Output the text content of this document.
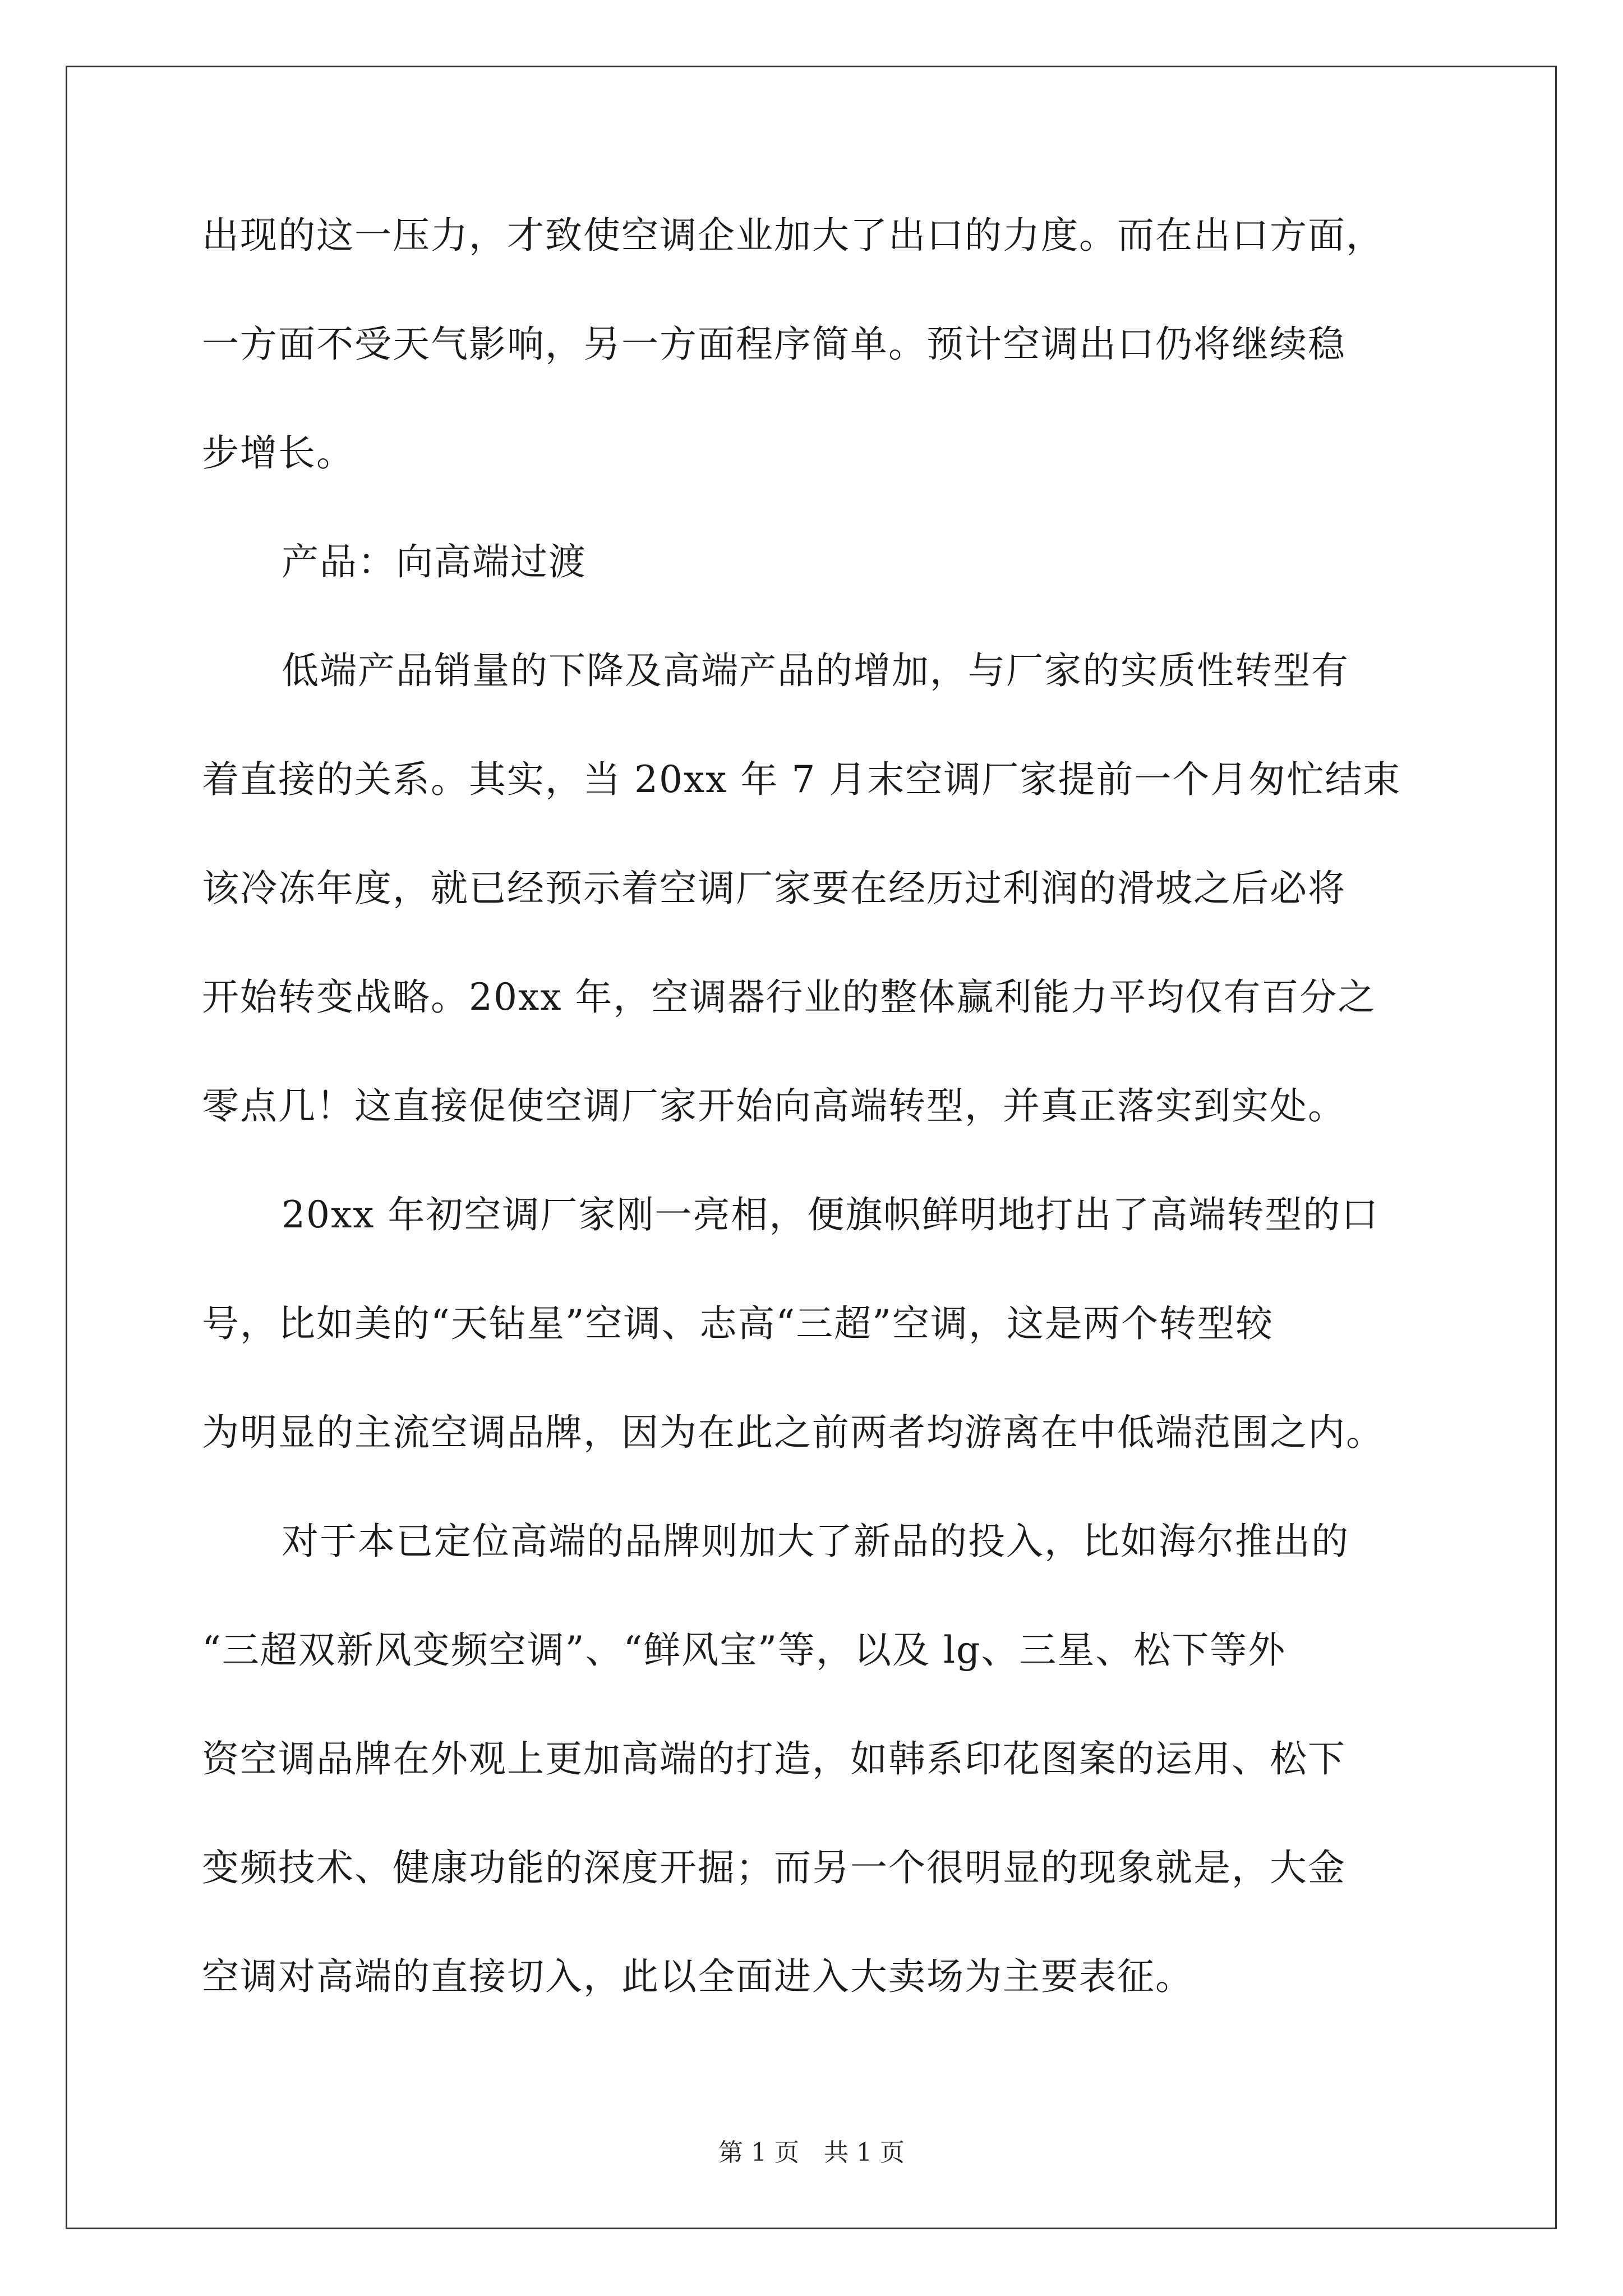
出现的这一压力，才致使空调企业加大了出口的力度。而在出口方面，
一方面不受天气影响，另一方面程序简单。预计空调出口仍将继续稳
步增长。
产品：向高端过渡
低端产品销量的下降及高端产品的增加，与厂家的实质性转型有
着直接的关系。其实，当 20xx 年 7 月末空调厂家提前一个月匆忙结束
该冷冻年度，就已经预示着空调厂家要在经历过利润的滑坡之后必将
开始转变战略。20xx 年，空调器行业的整体赢利能力平均仅有百分之
零点几！这直接促使空调厂家开始向高端转型，并真正落实到实处。
20xx 年初空调厂家刚一亮相，便旗帜鲜明地打出了高端转型的口
号，比如美的“天钻星”空调、志高“三超”空调，这是两个转型较
为明显的主流空调品牌，因为在此之前两者均游离在中低端范围之内。
对于本已定位高端的品牌则加大了新品的投入，比如海尔推出的
“三超双新风变频空调”、“鲜风宝”等，以及 lg、三星、松下等外
资空调品牌在外观上更加高端的打造，如韩系印花图案的运用、松下
变频技术、健康功能的深度开掘；而另一个很明显的现象就是，大金
空调对高端的直接切入，此以全面进入大卖场为主要表征。
第 1 页　共 1 页
